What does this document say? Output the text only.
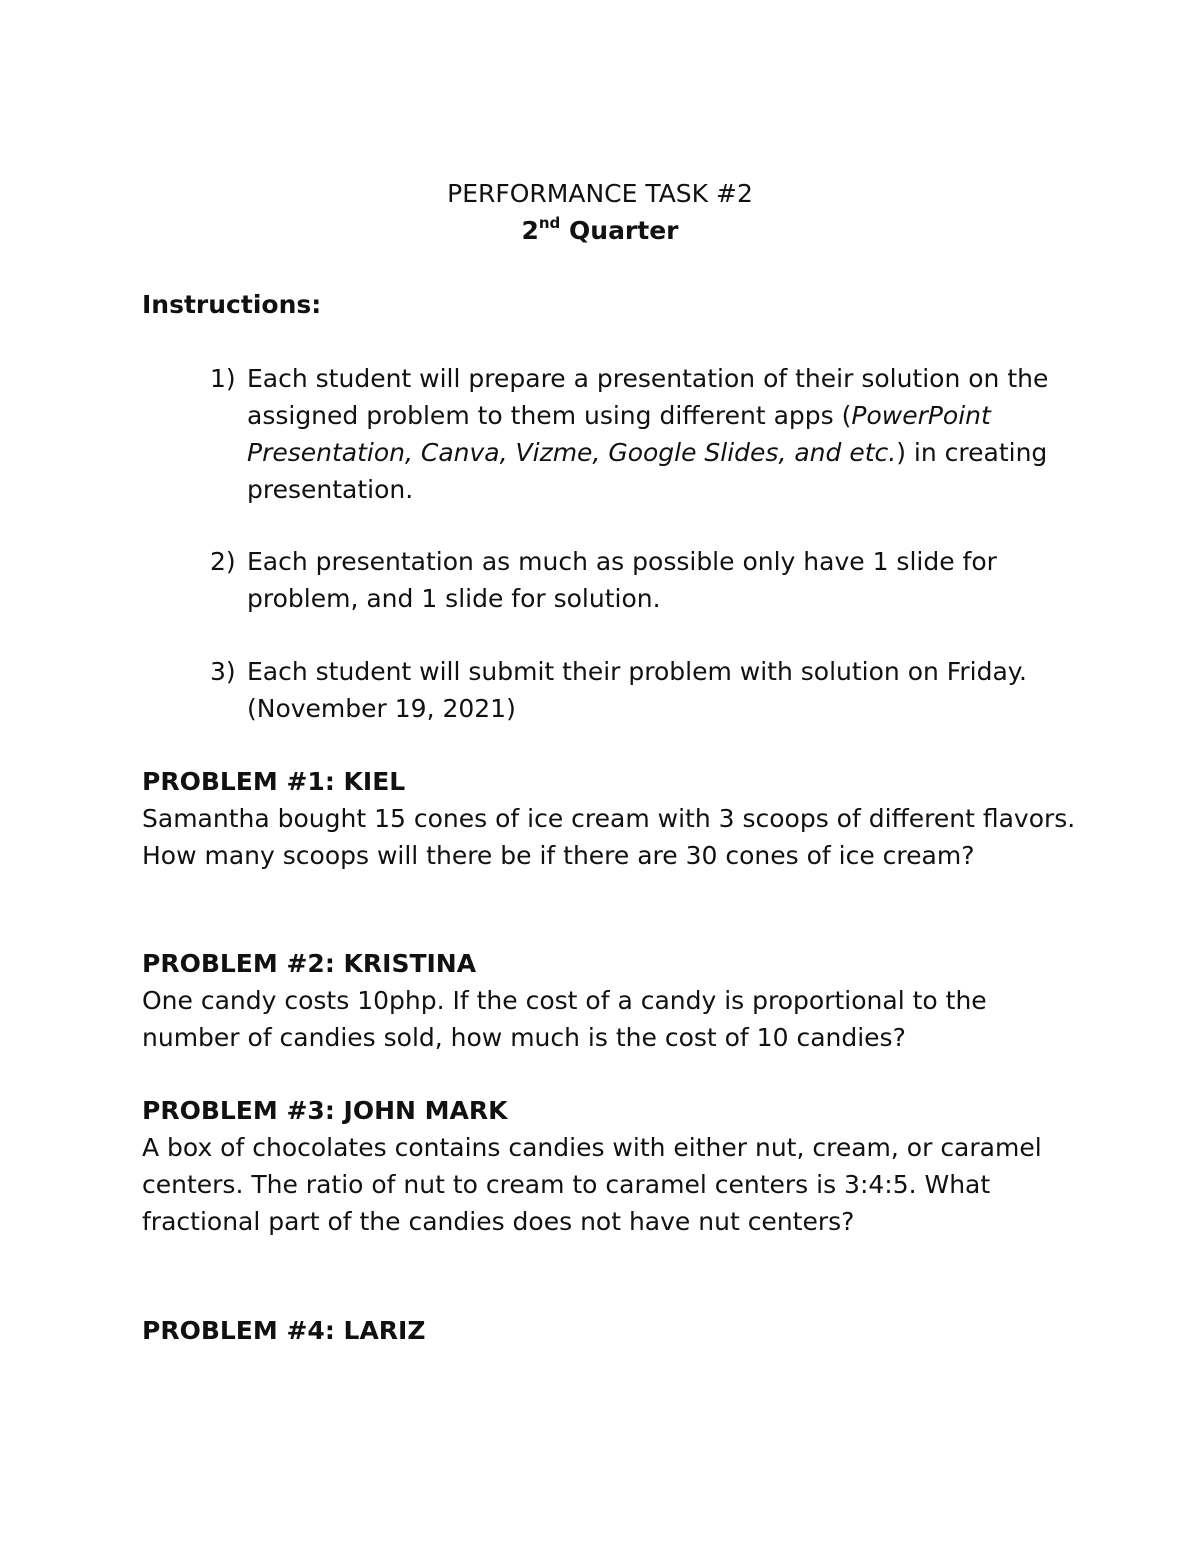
PERFORMANCE TASK #2
2nd Quarter
Instructions:
1) Each student will prepare a presentation of their solution on the assigned problem to them using different apps (PowerPoint Presentation, Canva, Vizme, Google Slides, and etc.) in creating presentation.
2) Each presentation as much as possible only have 1 slide for problem, and 1 slide for solution.
3) Each student will submit their problem with solution on Friday. (November 19, 2021)
PROBLEM #1: KIEL
Samantha bought 15 cones of ice cream with 3 scoops of different flavors. How many scoops will there be if there are 30 cones of ice cream?
PROBLEM #2: KRISTINA
One candy costs 10php. If the cost of a candy is proportional to the number of candies sold, how much is the cost of 10 candies?
PROBLEM #3: JOHN MARK
A box of chocolates contains candies with either nut, cream, or caramel centers. The ratio of nut to cream to caramel centers is 3:4:5. What fractional part of the candies does not have nut centers?
PROBLEM #4: LARIZ
